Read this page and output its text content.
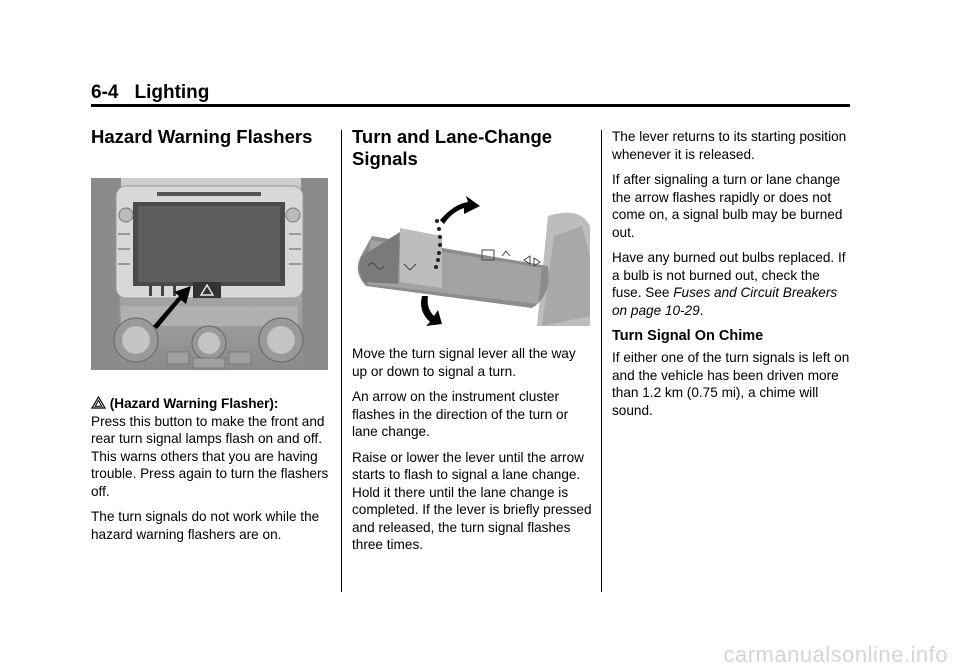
6-4 Lighting
Hazard Warning Flashers

(Hazard Warning Flasher):
Press this button to make the front and rear turn signal lamps flash on and off. This warns others that you are having trouble. Press again to turn the flashers off.

The turn signals do not work while the hazard warning flashers are on.

Turn and Lane-Change Signals

Move the turn signal lever all the way up or down to signal a turn.

An arrow on the instrument cluster flashes in the direction of the turn or lane change.

Raise or lower the lever until the arrow starts to flash to signal a lane change. Hold it there until the lane change is completed. If the lever is briefly pressed and released, the turn signal flashes three times.

The lever returns to its starting position whenever it is released.

If after signaling a turn or lane change the arrow flashes rapidly or does not come on, a signal bulb may be burned out.

Have any burned out bulbs replaced. If a bulb is not burned out, check the fuse. See Fuses and Circuit Breakers on page 10-29.

Turn Signal On Chime

If either one of the turn signals is left on and the vehicle has been driven more than 1.2 km (0.75 mi), a chime will sound.

carmanualsonline.info
